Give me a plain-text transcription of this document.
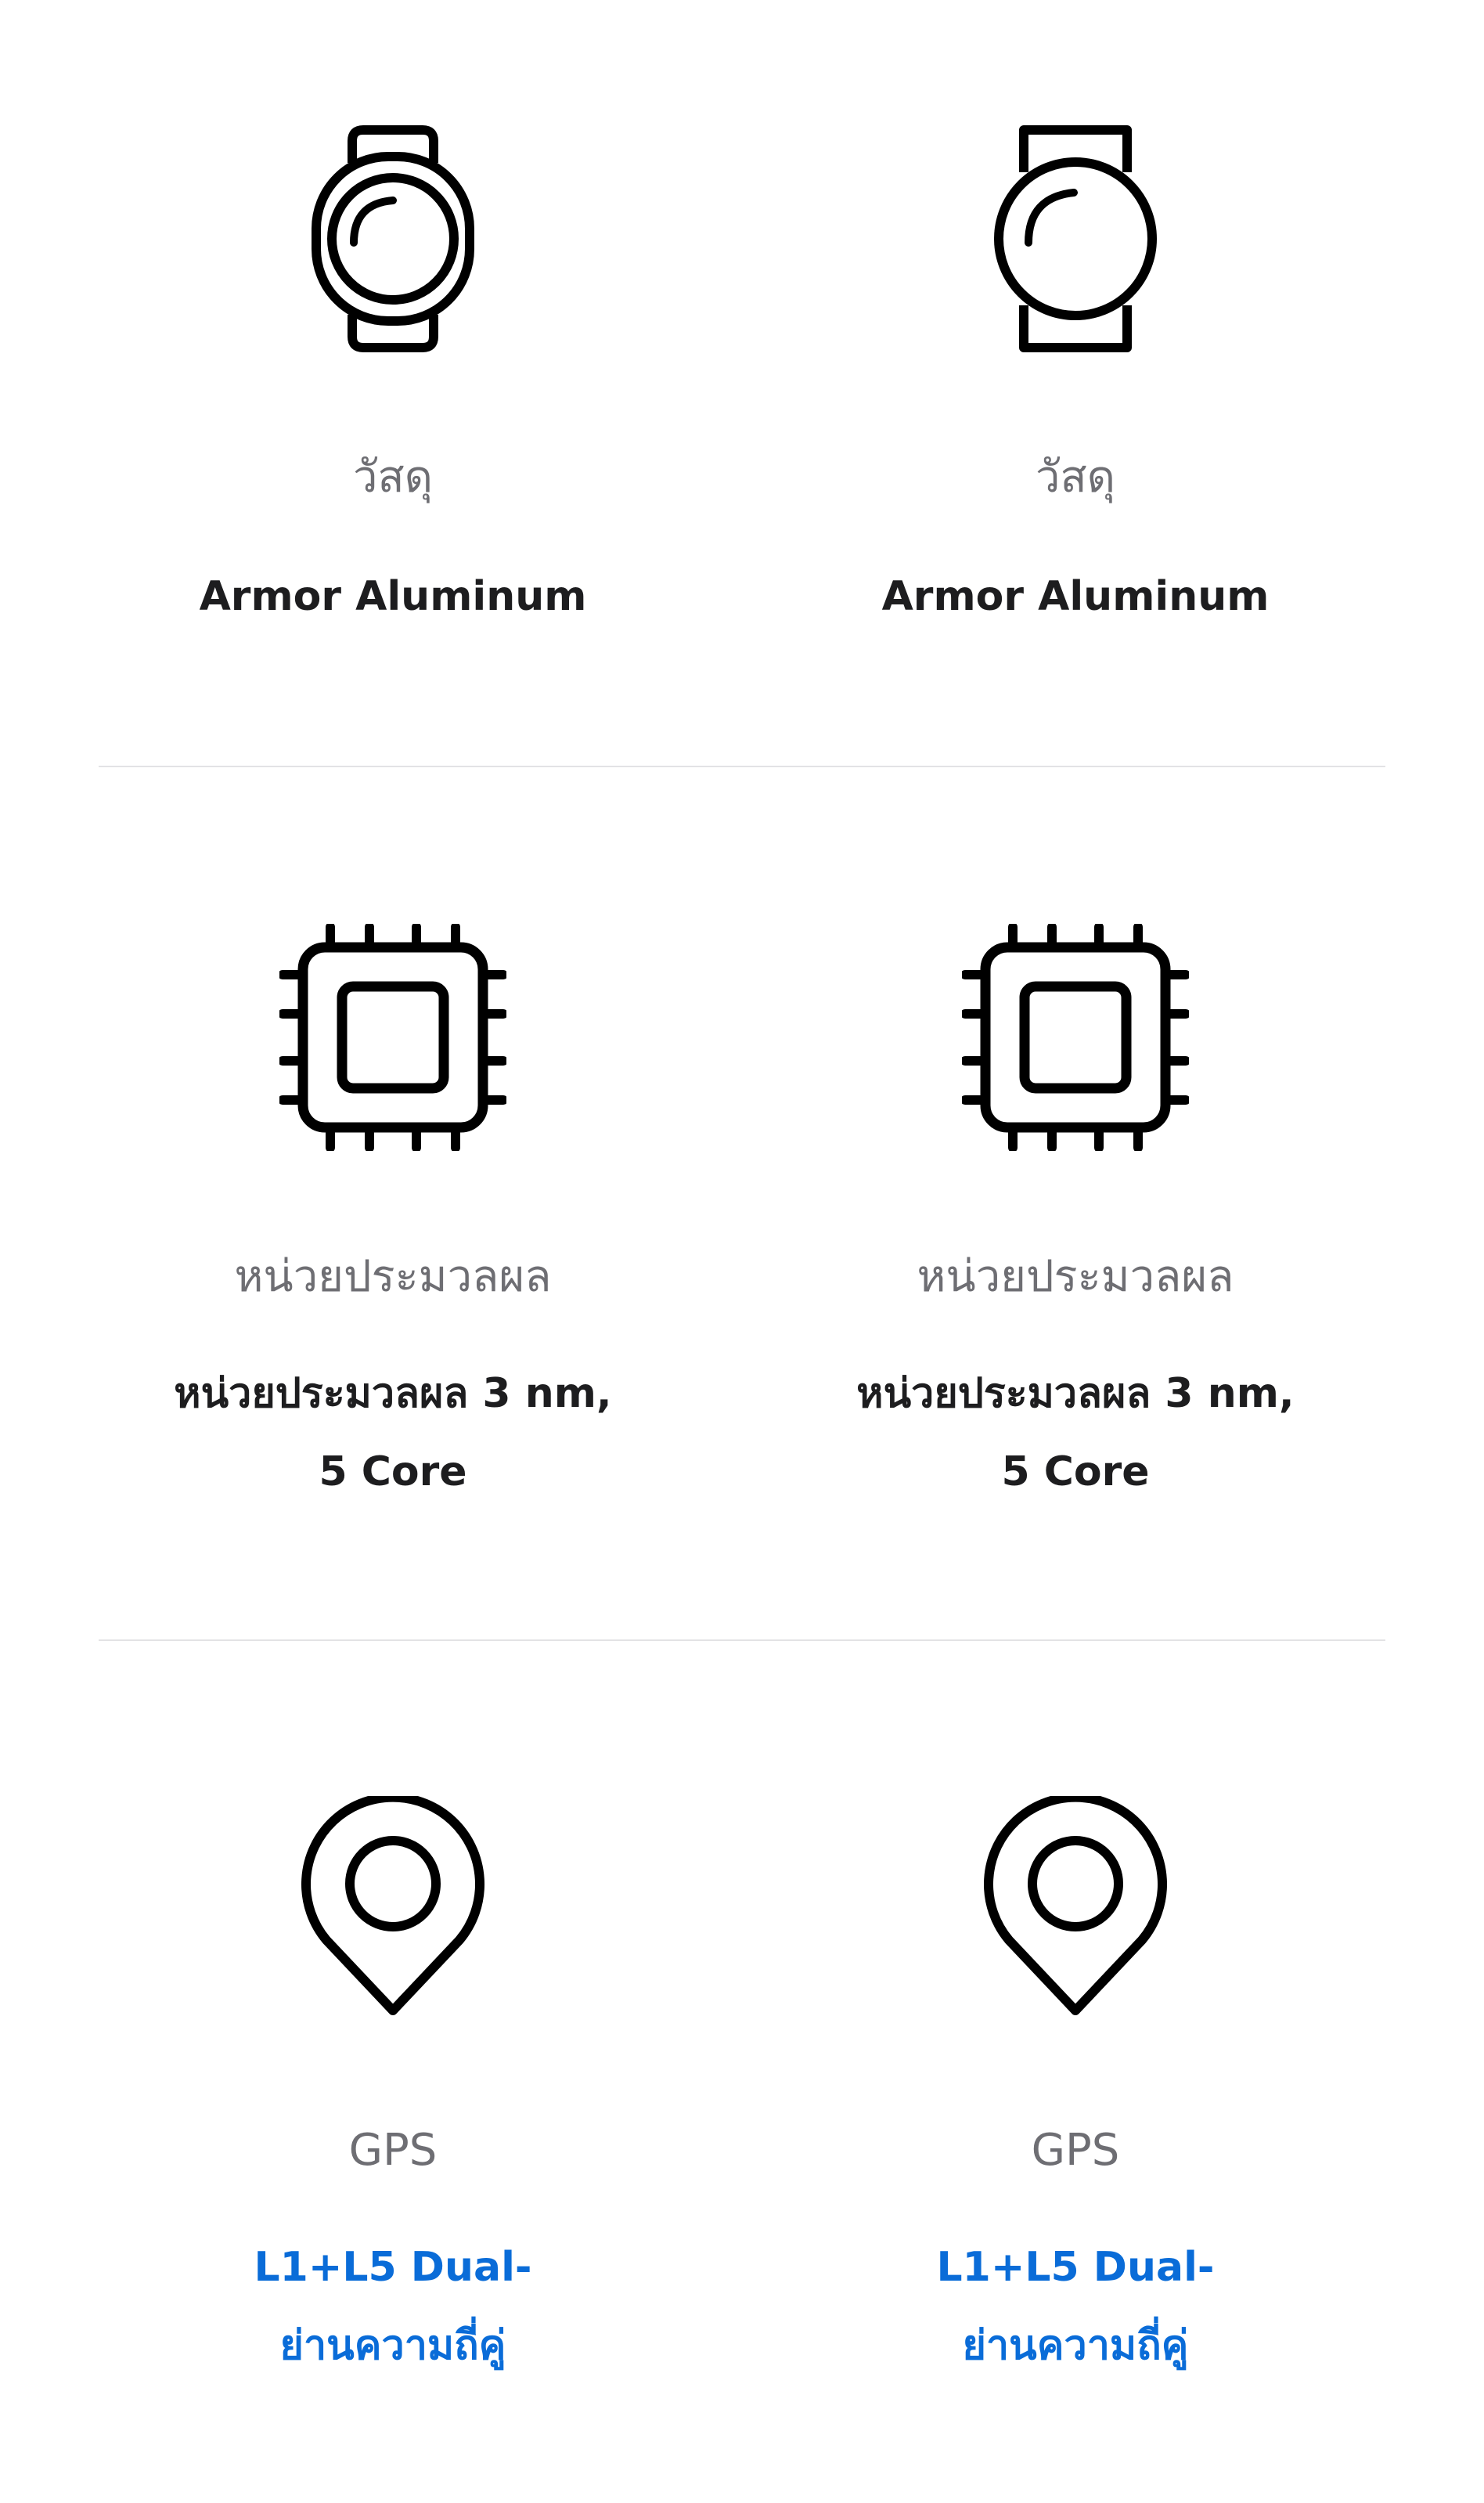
วัสดุ
Armor Aluminum
วัสดุ
Armor Aluminum
หน่วยประมวลผล
หน่วยประมวลผล 3 nm,
5 Core
หน่วยประมวลผล
หน่วยประมวลผล 3 nm,
5 Core
GPS
L1+L5 Dual-
ย่านความถี่คู่
GPS
L1+L5 Dual-
ย่านความถี่คู่
